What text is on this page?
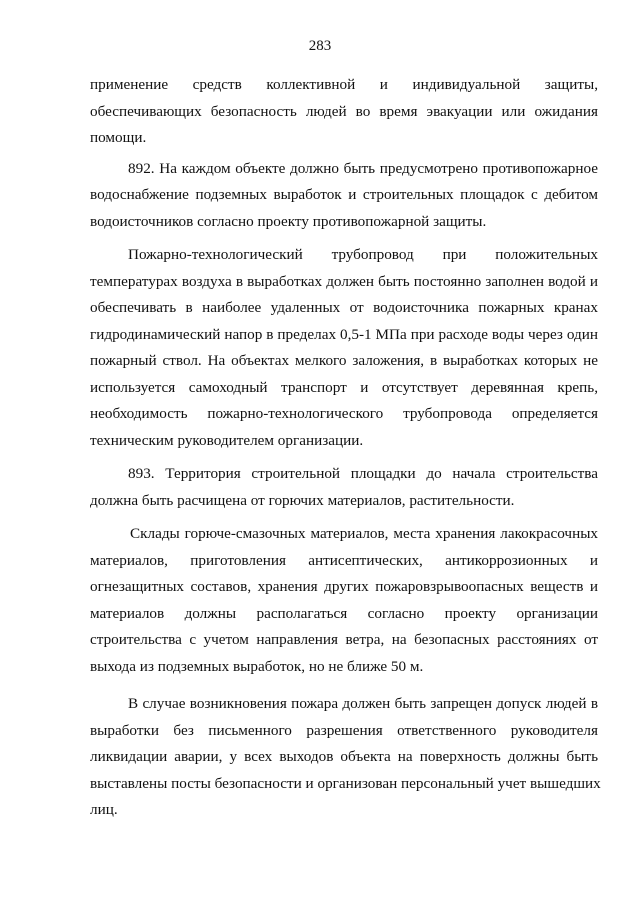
283

применение средств коллективной и индивидуальной защиты,
обеспечивающих безопасность людей во время эвакуации или ожидания
помощи.

892. На каждом объекте должно быть предусмотрено противопожарное
водоснабжение подземных выработок и строительных площадок с дебитом
водоисточников согласно проекту противопожарной защиты.

Пожарно-технологический трубопровод при положительных
температурах воздуха в выработках должен быть постоянно заполнен водой и
обеспечивать в наиболее удаленных от водоисточника пожарных кранах
гидродинамический напор в пределах 0,5-1 МПа при расходе воды через один
пожарный ствол. На объектах мелкого заложения, в выработках которых не
используется самоходный транспорт и отсутствует деревянная крепь,
необходимость пожарно-технологического трубопровода определяется
техническим руководителем организации.

893. Территория строительной площадки до начала строительства
должна быть расчищена от горючих материалов, растительности.

Склады горюче-смазочных материалов, места хранения лакокрасочных
материалов, приготовления антисептических, антикоррозионных и
огнезащитных составов, хранения других пожаровзрывоопасных веществ и
материалов должны располагаться согласно проекту организации
строительства с учетом направления ветра, на безопасных расстояниях от
выхода из подземных выработок, но не ближе 50 м.

В случае возникновения пожара должен быть запрещен допуск людей в
выработки без письменного разрешения ответственного руководителя
ликвидации аварии, у всех выходов объекта на поверхность должны быть
выставлены посты безопасности и организован персональный учет вышедших
лиц.
